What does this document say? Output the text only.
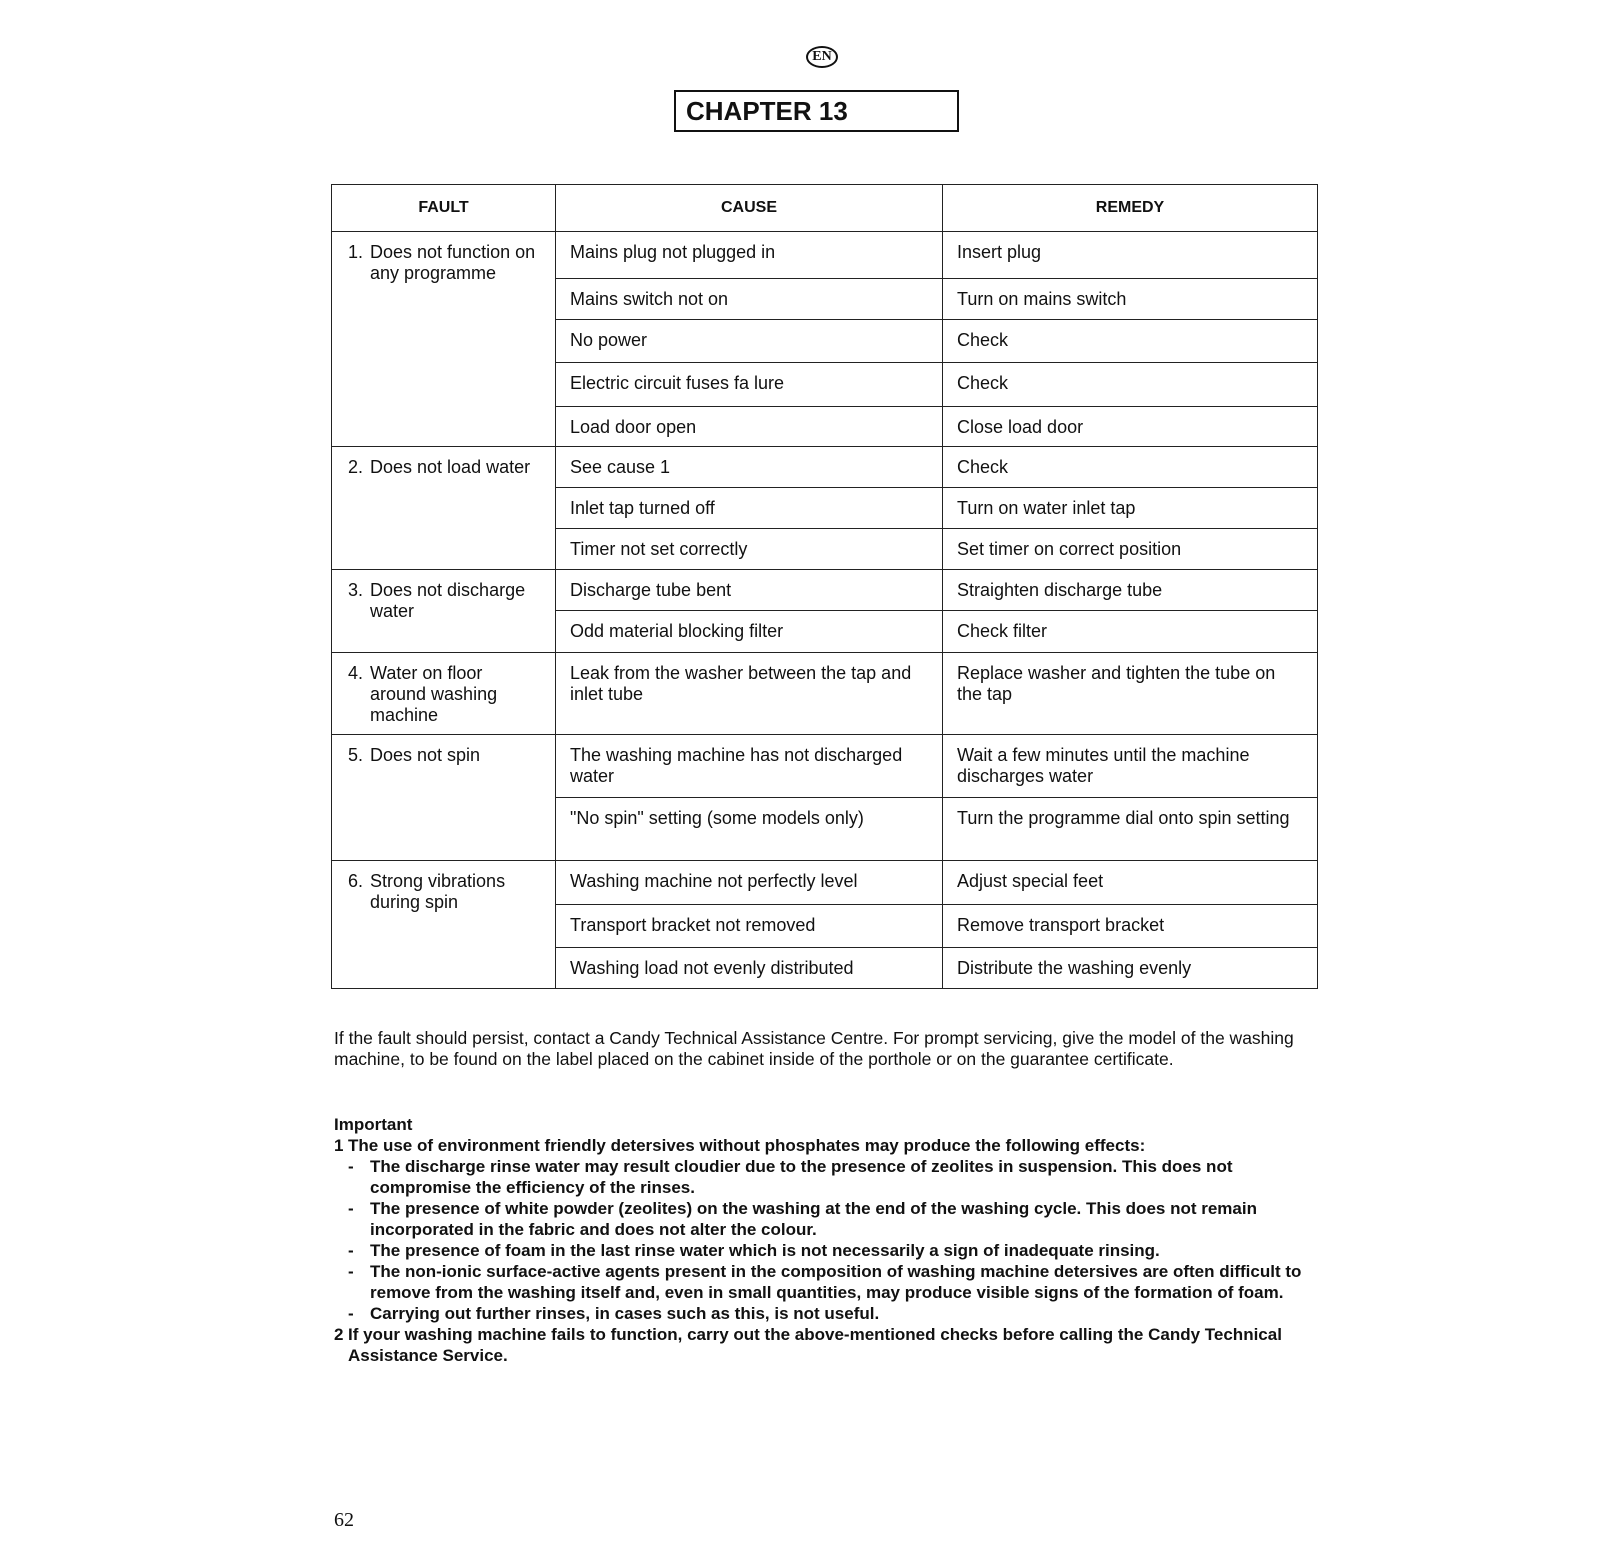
EN
CHAPTER 13
FAULT	CAUSE	REMEDY

1. Does not function on any programme	Mains plug not plugged in	Insert plug
	Mains switch not on	Turn on mains switch
	No power	Check
	Electric circuit fuses fa lure	Check
	Load door open	Close load door

2. Does not load water	See cause 1	Check
	Inlet tap turned off	Turn on water inlet tap
	Timer not set correctly	Set timer on correct position

3. Does not discharge water	Discharge tube bent	Straighten discharge tube
	Odd material blocking filter	Check filter

4. Water on floor around washing machine	Leak from the washer between the tap and inlet tube	Replace washer and tighten the tube on the tap

5. Does not spin	The washing machine has not discharged water	Wait a few minutes until the machine discharges water
	"No spin" setting (some models only)	Turn the programme dial onto spin setting

6. Strong vibrations during spin	Washing machine not perfectly level	Adjust special feet
	Transport bracket not removed	Remove transport bracket
	Washing load not evenly distributed	Distribute the washing evenly
If the fault should persist, contact a Candy Technical Assistance Centre. For prompt servicing, give the model of the washing machine, to be found on the label placed on the cabinet inside of the porthole or on the guarantee certificate.
Important
1 The use of environment friendly detersives without phosphates may produce the following effects:
- The discharge rinse water may result cloudier due to the presence of zeolites in suspension. This does not compromise the efficiency of the rinses.
- The presence of white powder (zeolites) on the washing at the end of the washing cycle. This does not remain incorporated in the fabric and does not alter the colour.
- The presence of foam in the last rinse water which is not necessarily a sign of inadequate rinsing.
- The non-ionic surface-active agents present in the composition of washing machine detersives are often difficult to remove from the washing itself and, even in small quantities, may produce visible signs of the formation of foam.
- Carrying out further rinses, in cases such as this, is not useful.
2 If your washing machine fails to function, carry out the above-mentioned checks before calling the Candy Technical Assistance Service.
62
